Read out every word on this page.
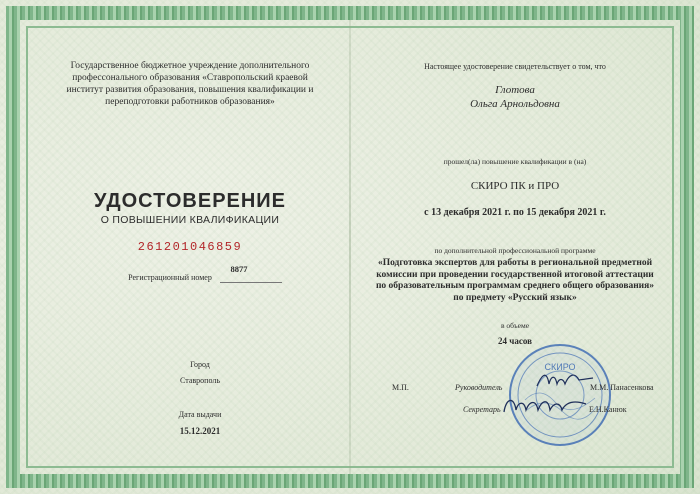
Государственное бюджетное учреждение дополнительного профессонального образования «Ставропольский краевой институт развития образования, повышения квалификации и переподготовки работников образования»

УДОСТОВЕРЕНИЕ

О ПОВЫШЕНИИ КВАЛИФИКАЦИИ

261201046859

8877

Регистрационный номер

Город

Ставрополь

Дата выдачи

15.12.2021

Настоящее удостоверение свидетельствует о том, что

Глотова

Ольга Арнольдовна

прошел(ла) повышение квалификации в (на)

СКИРО ПК и ПРО

с 13 декабря 2021 г. по 15 декабря 2021 г.

по дополнительной профессиональной программе

«Подготовка экспертов для работы в региональной предметной комиссии при проведении государственной итоговой аттестации по образовательным программам среднего общего образования» по предмету «Русский язык»

в объеме

24 часов

СКИРО

М.П.	Руководитель	М.М. Панасенкова

Секретарь	Е.Н.Канюк
